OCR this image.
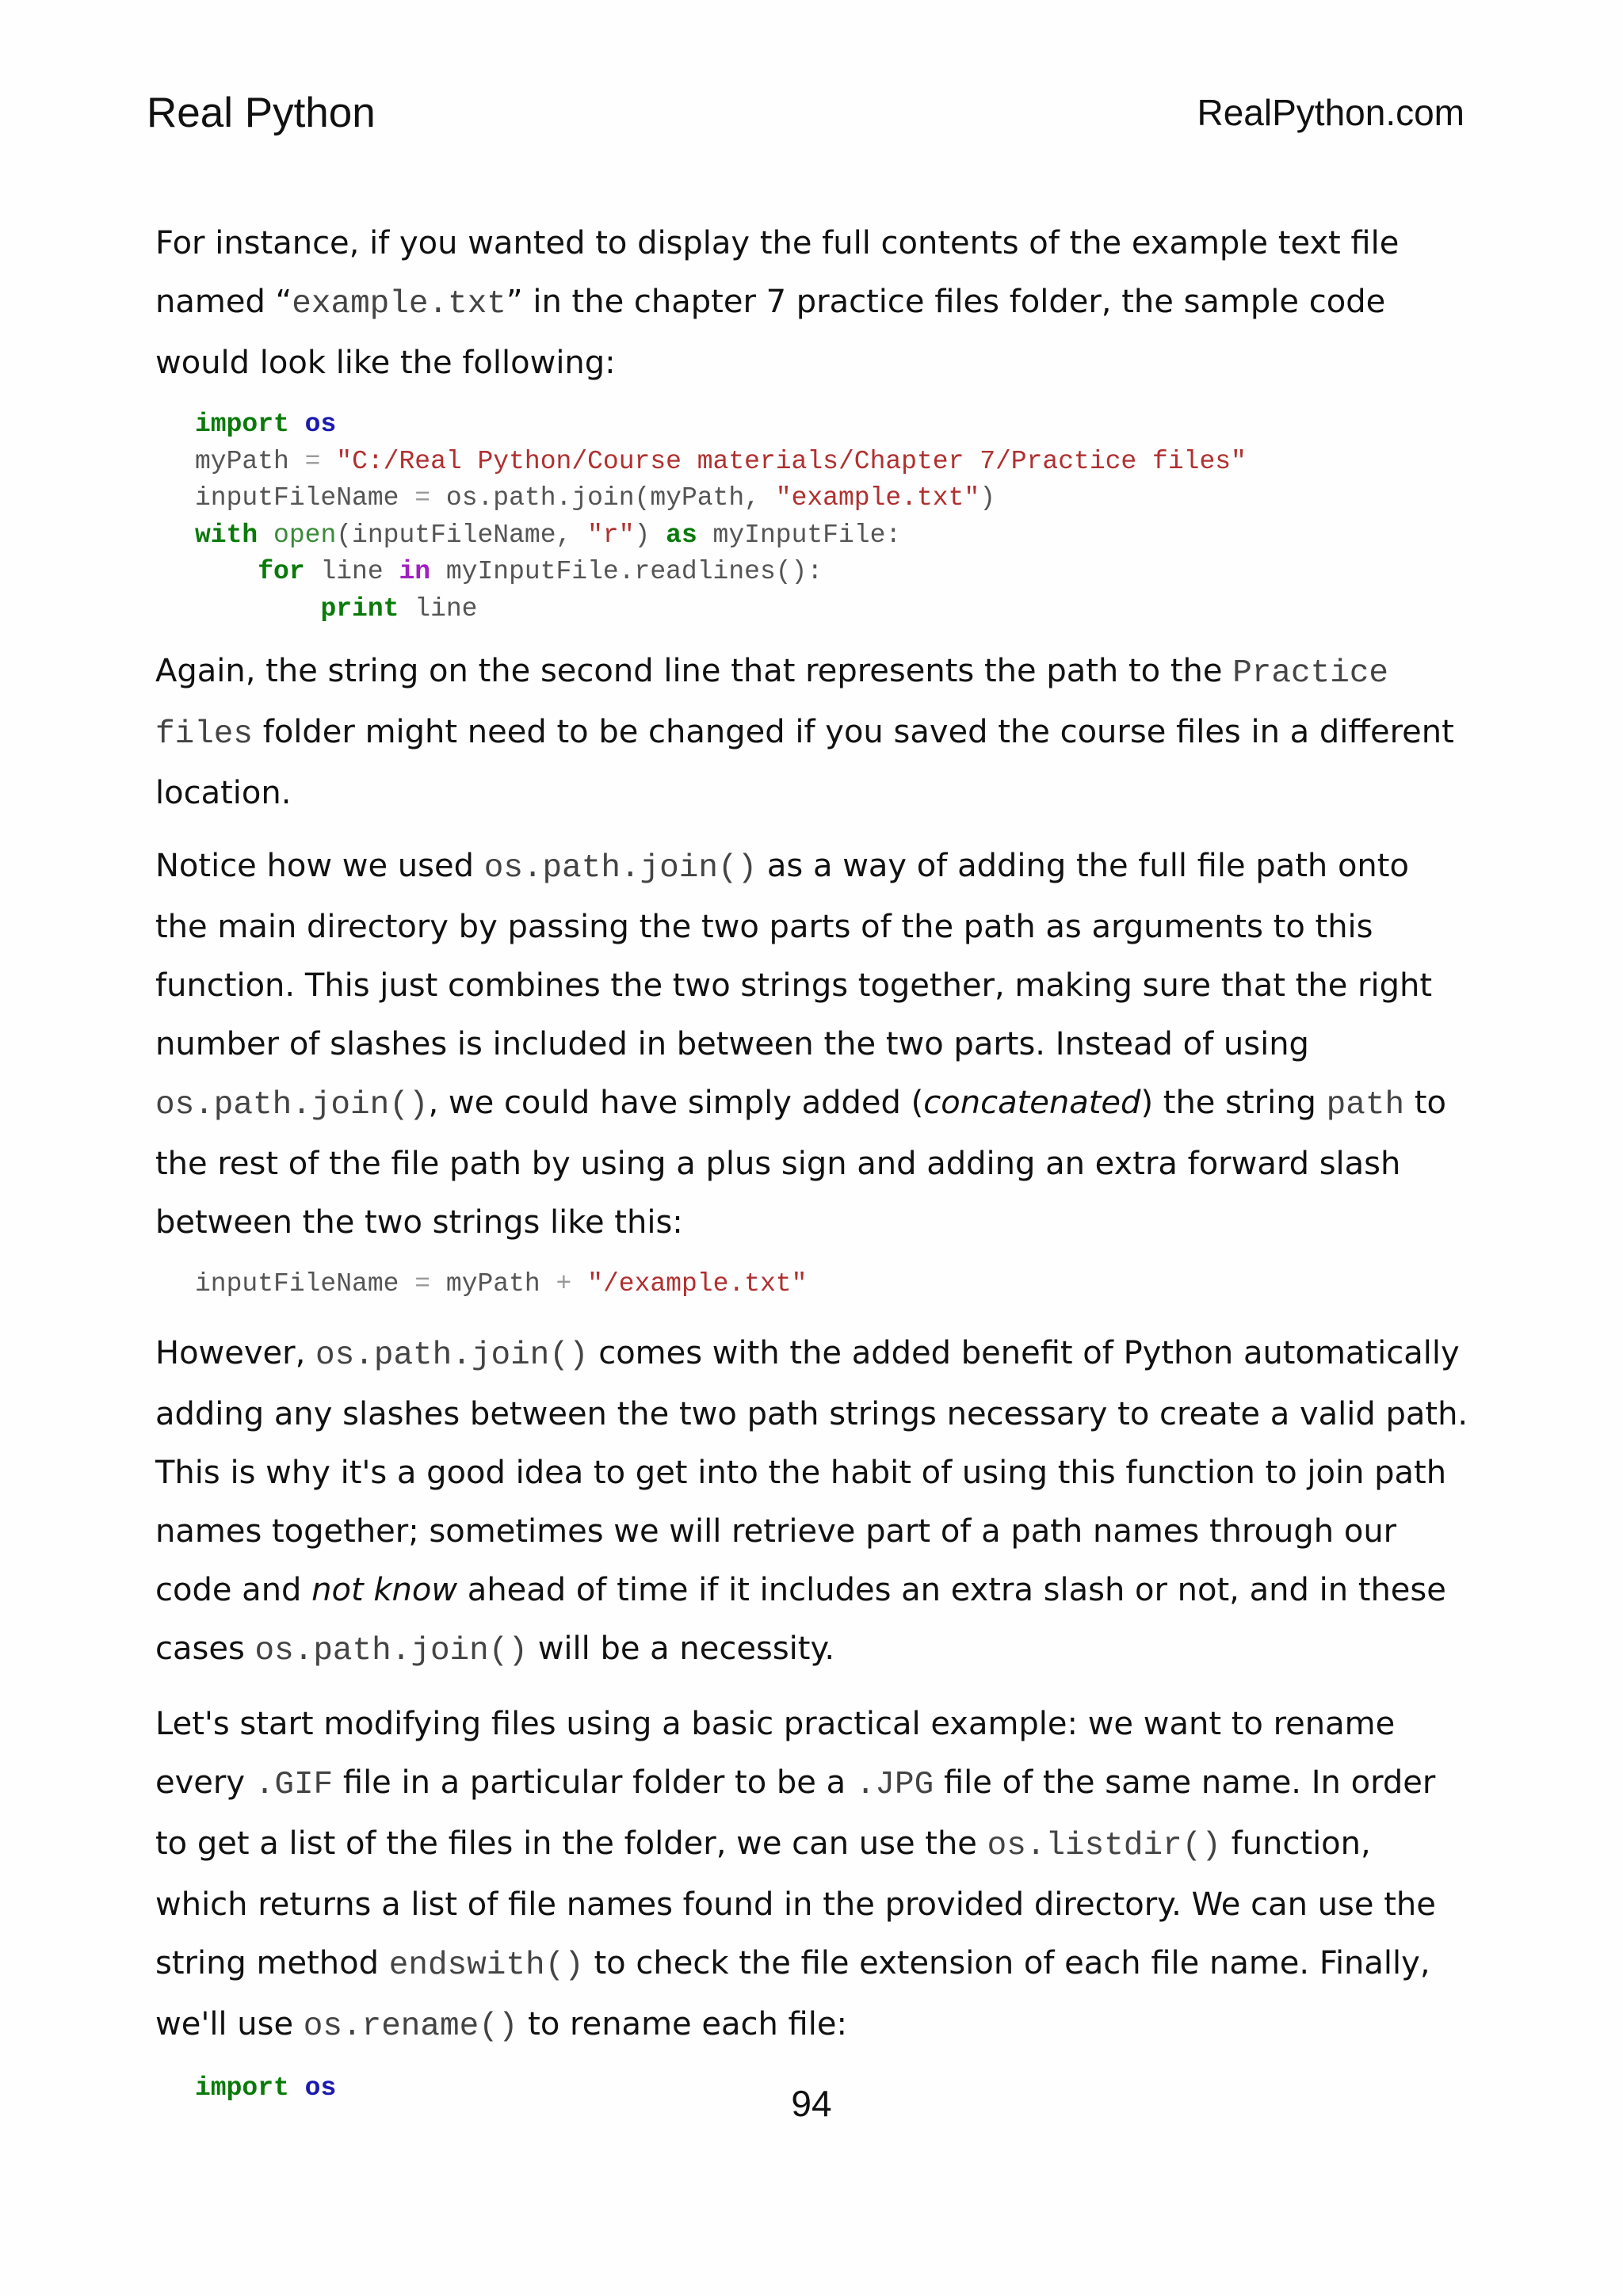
Real Python	RealPython.com

For instance, if you wanted to display the full contents of the example text file named “example.txt” in the chapter 7 practice files folder, the sample code would look like the following:

import os
myPath = "C:/Real Python/Course materials/Chapter 7/Practice files"
inputFileName = os.path.join(myPath, "example.txt")
with open(inputFileName, "r") as myInputFile:
for line in myInputFile.readlines():
print line

Again, the string on the second line that represents the path to the Practice files folder might need to be changed if you saved the course files in a different location.

Notice how we used os.path.join() as a way of adding the full file path onto the main directory by passing the two parts of the path as arguments to this function. This just combines the two strings together, making sure that the right number of slashes is included in between the two parts. Instead of using os.path.join(), we could have simply added (concatenated) the string path to the rest of the file path by using a plus sign and adding an extra forward slash between the two strings like this:

inputFileName = myPath + "/example.txt"

However, os.path.join() comes with the added benefit of Python automatically adding any slashes between the two path strings necessary to create a valid path. This is why it's a good idea to get into the habit of using this function to join path names together; sometimes we will retrieve part of a path names through our code and not know ahead of time if it includes an extra slash or not, and in these cases os.path.join() will be a necessity.

Let's start modifying files using a basic practical example: we want to rename every .GIF file in a particular folder to be a .JPG file of the same name. In order to get a list of the files in the folder, we can use the os.listdir() function, which returns a list of file names found in the provided directory. We can use the string method endswith() to check the file extension of each file name. Finally, we'll use os.rename() to rename each file:

import os	94
